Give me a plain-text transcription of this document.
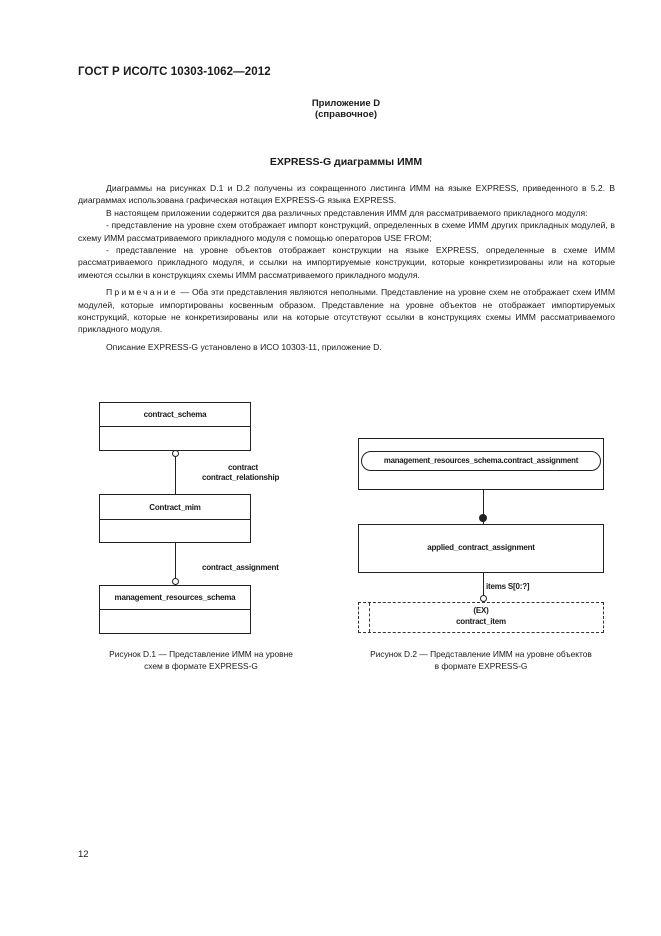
ГОСТ Р ИСО/ТС 10303-1062—2012
Приложение D
(справочное)
EXPRESS-G диаграммы ИММ

Диаграммы на рисунках D.1 и D.2 получены из сокращенного листинга ИММ на языке EXPRESS, приведенного в 5.2. В диаграммах использована графическая нотация EXPRESS-G языка EXPRESS.

В настоящем приложении содержится два различных представления ИММ для рассматриваемого прикладного модуля:

- представление на уровне схем отображает импорт конструкций, определенных в схеме ИММ других прикладных модулей, в схему ИММ рассматриваемого прикладного модуля с помощью операторов USE FROM;

- представление на уровне объектов отображает конструкции на языке EXPRESS, определенные в схеме ИММ рассматриваемого прикладного модуля, и ссылки на импортируемые конструкции, которые конкретизированы или на которые имеются ссылки в конструкциях схемы ИММ рассматриваемого прикладного модуля.

Примечание — Оба эти представления являются неполными. Представление на уровне схем не отображает схем ИММ модулей, которые импортированы косвенным образом. Представление на уровне объектов не отображает импортируемых конструкций, которые не конкретизированы или на которые отсутствуют ссылки в конструкциях схемы ИММ рассматриваемого прикладного модуля.

Описание EXPRESS-G установлено в ИСО 10303-11, приложение D.

contract_schema
contract
contract_relationship
Contract_mim
contract_assignment
management_resources_schema
Рисунок D.1 — Представление ИММ на уровне
схем в формате EXPRESS-G
management_resources_schema.contract_assignment
applied_contract_assignment
items S[0:?]
(EX)
contract_item
Рисунок D.2 — Представление ИММ на уровне объектов
в формате EXPRESS-G
12
